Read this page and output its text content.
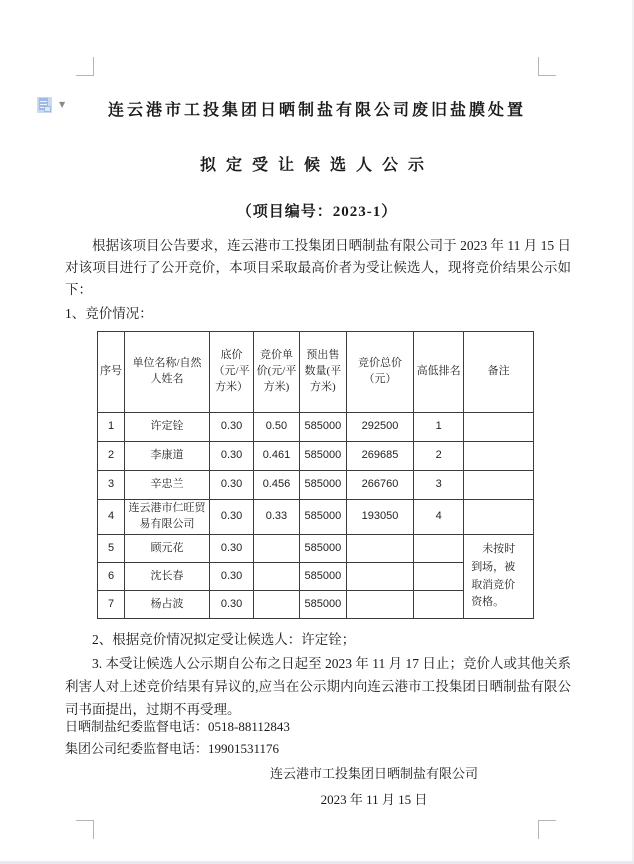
▼	连云港市工投集团日晒制盐有限公司废旧盐膜处置
拟定受让候选人公示
（项目编号：2023-1）
根据该项目公告要求，连云港市工投集团日晒制盐有限公司于 2023 年 11 月 15 日对该项目进行了公开竞价，本项目采取最高价者为受让候选人，现将竞价结果公示如下：
1、竞价情况：
序号	单位名称/自然人姓名	底价（元/平方米）	竞价单价(元/平方米)	预出售数量(平方米)	竞价总价（元）	高低排名	备注
1	许定铨	0.30	0.50	585000	292500	1	
2	李康道	0.30	0.461	585000	269685	2	
3	辛忠兰	0.30	0.456	585000	266760	3	
4	连云港市仁旺贸易有限公司	0.30	0.33	585000	193050	4	
5	顾元花	0.30		585000			未按时到场，被取消竞价资格。
6	沈长春	0.30		585000			
7	杨占波	0.30		585000			
2、根据竞价情况拟定受让候选人：许定铨；
3. 本受让候选人公示期自公布之日起至 2023 年 11 月 17 日止；竞价人或其他关系利害人对上述竞价结果有异议的,应当在公示期内向连云港市工投集团日晒制盐有限公司书面提出，过期不再受理。
日晒制盐纪委监督电话：0518-88112843
集团公司纪委监督电话：19901531176
连云港市工投集团日晒制盐有限公司
2023 年 11 月 15 日
